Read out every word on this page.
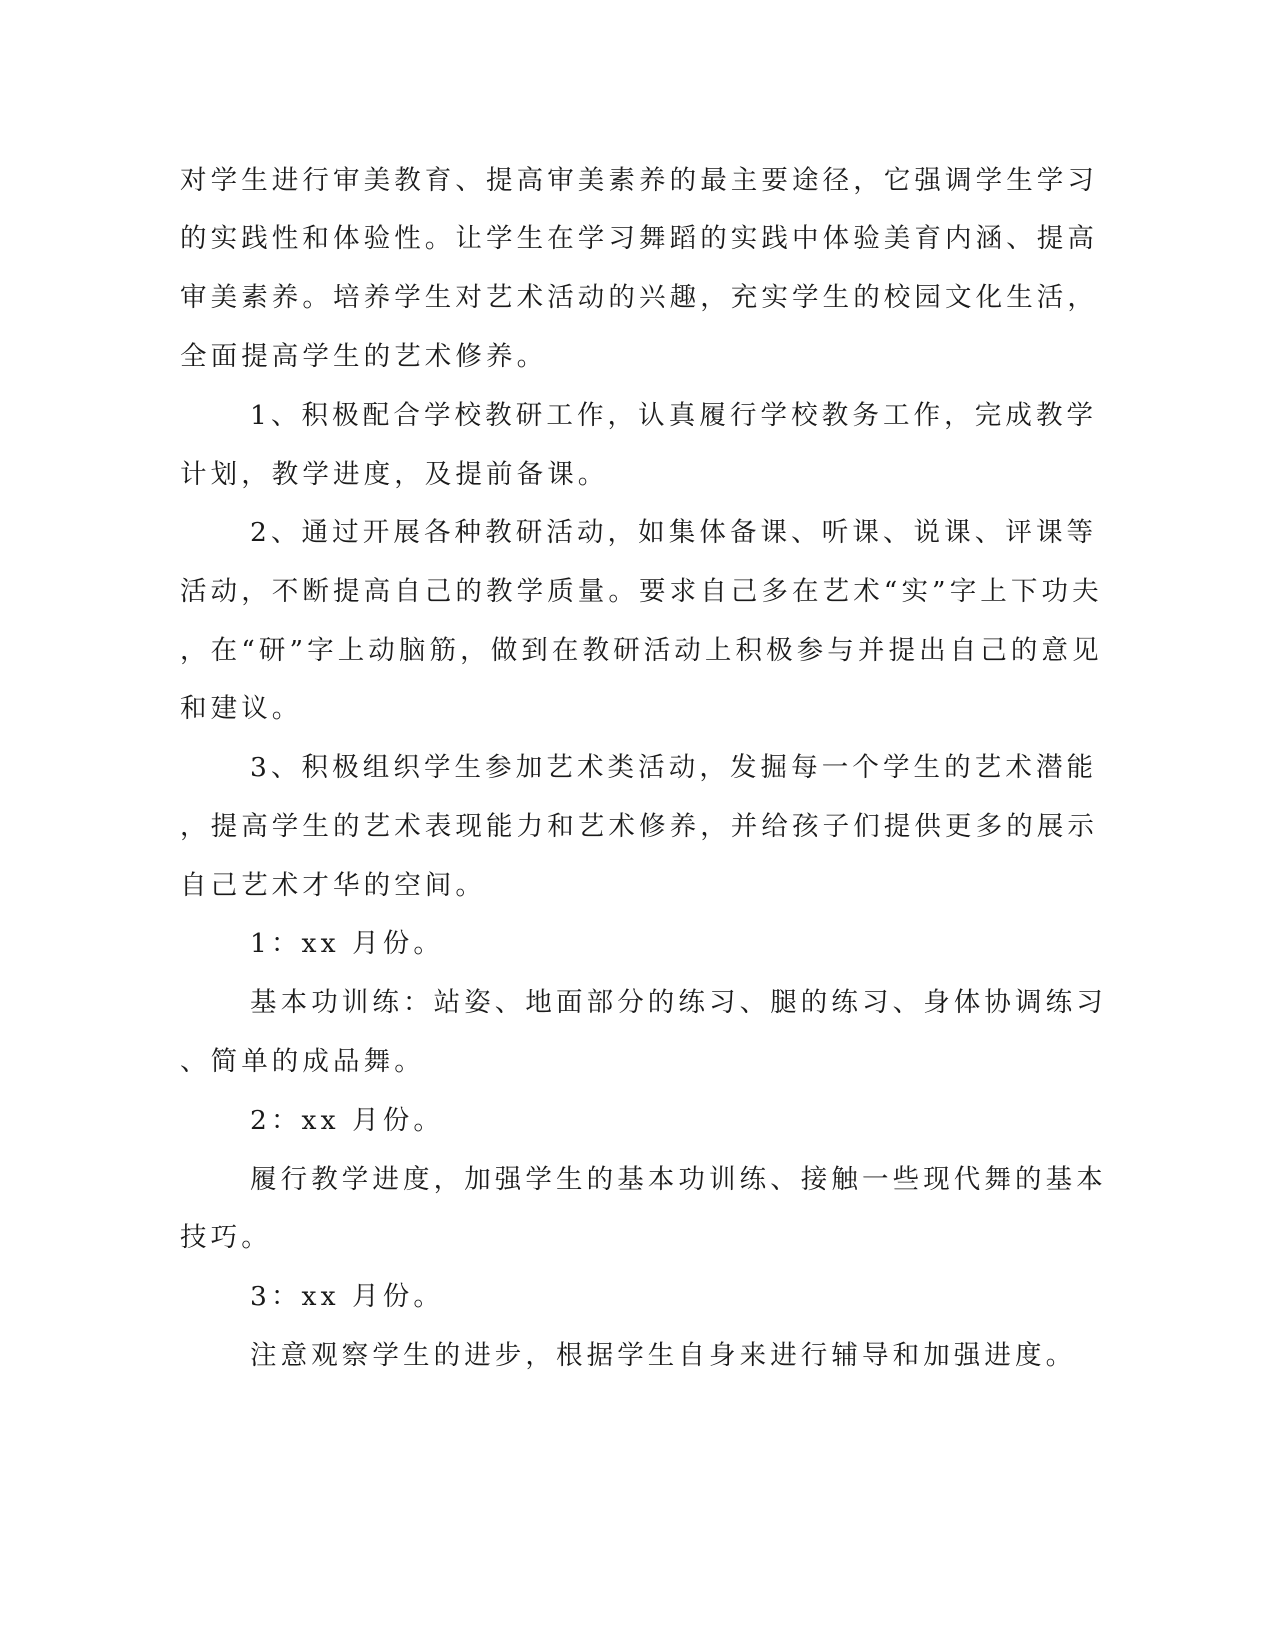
对学生进行审美教育、提高审美素养的最主要途径，它强调学生学习
的实践性和体验性。让学生在学习舞蹈的实践中体验美育内涵、提高
审美素养。培养学生对艺术活动的兴趣，充实学生的校园文化生活，
全面提高学生的艺术修养。
1、积极配合学校教研工作，认真履行学校教务工作，完成教学
计划，教学进度，及提前备课。
2、通过开展各种教研活动，如集体备课、听课、说课、评课等
活动，不断提高自己的教学质量。要求自己多在艺术“实”字上下功夫
，在“研”字上动脑筋，做到在教研活动上积极参与并提出自己的意见
和建议。
3、积极组织学生参加艺术类活动，发掘每一个学生的艺术潜能
，提高学生的艺术表现能力和艺术修养，并给孩子们提供更多的展示
自己艺术才华的空间。
1：xx 月份。
基本功训练：站姿、地面部分的练习、腿的练习、身体协调练习
、简单的成品舞。
2：xx 月份。
履行教学进度，加强学生的基本功训练、接触一些现代舞的基本
技巧。
3：xx 月份。
注意观察学生的进步，根据学生自身来进行辅导和加强进度。
